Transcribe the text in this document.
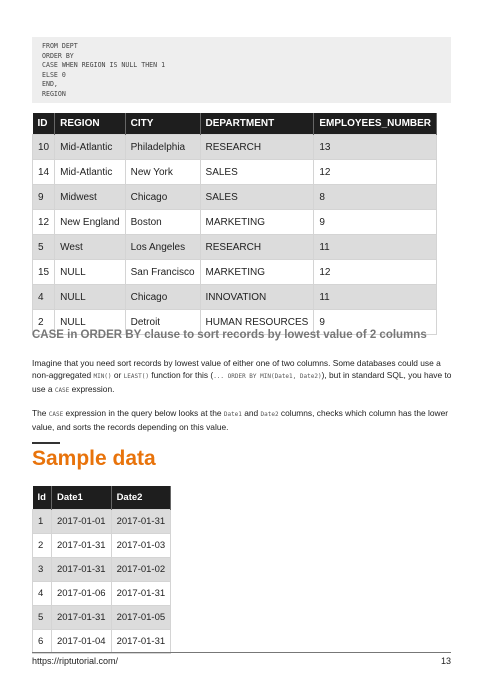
FROM DEPT
ORDER BY
CASE WHEN REGION IS NULL THEN 1
ELSE 0
END,
REGION
ID	REGION	CITY	DEPARTMENT	EMPLOYEES_NUMBER
10	Mid-Atlantic	Philadelphia	RESEARCH	13
14	Mid-Atlantic	New York	SALES	12
9	Midwest	Chicago	SALES	8
12	New England	Boston	MARKETING	9
5	West	Los Angeles	RESEARCH	11
15	NULL	San Francisco	MARKETING	12
4	NULL	Chicago	INNOVATION	11
2	NULL	Detroit	HUMAN RESOURCES	9
CASE in ORDER BY clause to sort records by lowest value of 2 columns

Imagine that you need sort records by lowest value of either one of two columns. Some databases could use a non-aggregated MIN() or LEAST() function for this (... ORDER BY MIN(Date1, Date2)), but in standard SQL, you have to use a CASE expression.

The CASE expression in the query below looks at the Date1 and Date2 columns, checks which column has the lower value, and sorts the records depending on this value.

Sample data
Id	Date1	Date2
1	2017-01-01	2017-01-31
2	2017-01-31	2017-01-03
3	2017-01-31	2017-01-02
4	2017-01-06	2017-01-31
5	2017-01-31	2017-01-05
6	2017-01-04	2017-01-31
https://riptutorial.com/	13
